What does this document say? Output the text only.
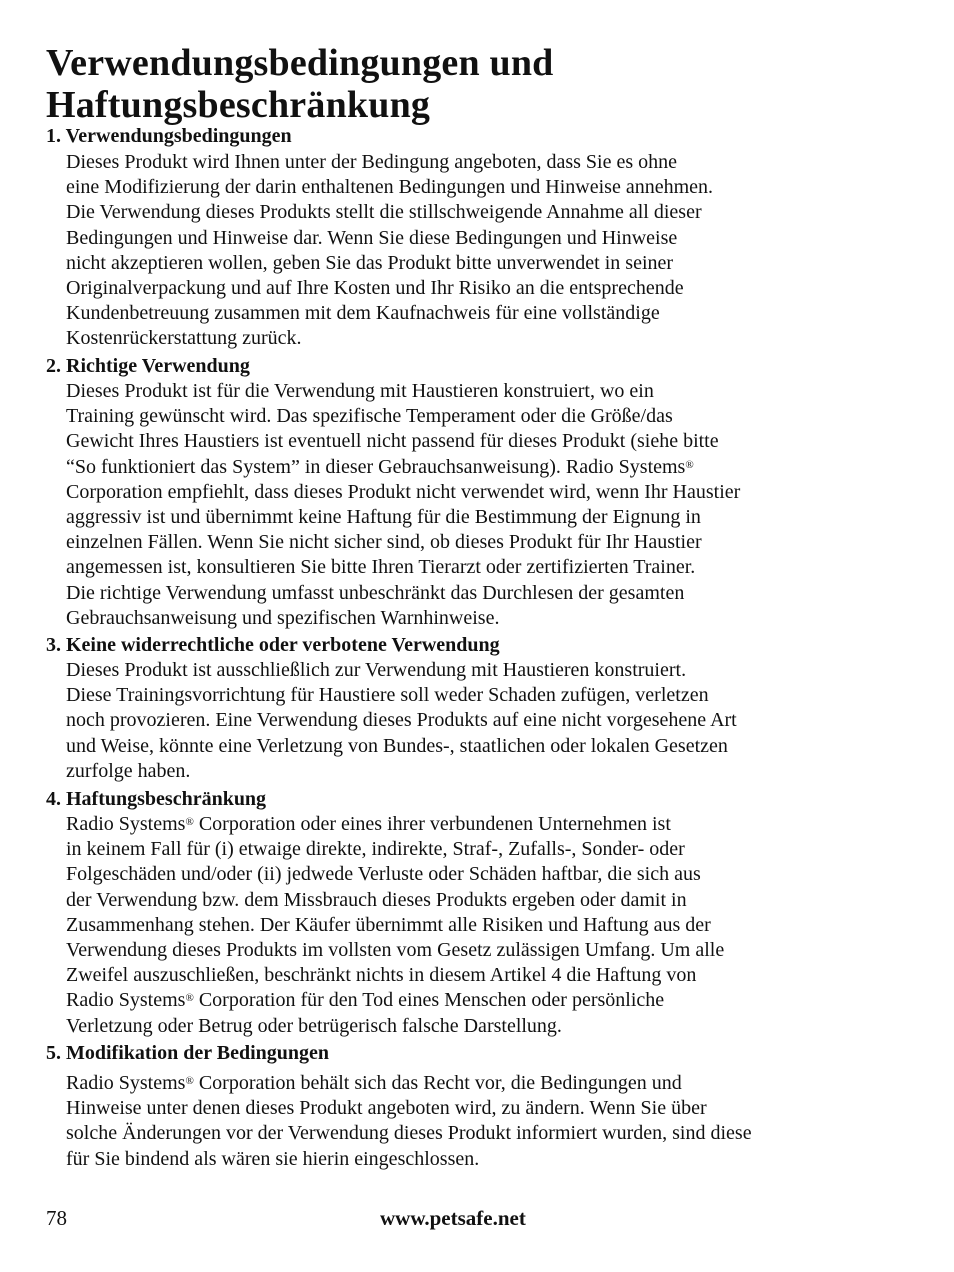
Verwendungsbedingungen und
Haftungsbeschränkung
1. Verwendungsbedingungen
Dieses Produkt wird Ihnen unter der Bedingung angeboten, dass Sie es ohne
eine Modifizierung der darin enthaltenen Bedingungen und Hinweise annehmen.
Die Verwendung dieses Produkts stellt die stillschweigende Annahme all dieser
Bedingungen und Hinweise dar. Wenn Sie diese Bedingungen und Hinweise
nicht akzeptieren wollen, geben Sie das Produkt bitte unverwendet in seiner
Originalverpackung und auf Ihre Kosten und Ihr Risiko an die entsprechende
Kundenbetreuung zusammen mit dem Kaufnachweis für eine vollständige
Kostenrückerstattung zurück.
2. Richtige Verwendung
Dieses Produkt ist für die Verwendung mit Haustieren konstruiert, wo ein
Training gewünscht wird. Das spezifische Temperament oder die Größe/das
Gewicht Ihres Haustiers ist eventuell nicht passend für dieses Produkt (siehe bitte
“So funktioniert das System” in dieser Gebrauchsanweisung). Radio Systems®
Corporation empfiehlt, dass dieses Produkt nicht verwendet wird, wenn Ihr Haustier
aggressiv ist und übernimmt keine Haftung für die Bestimmung der Eignung in
einzelnen Fällen. Wenn Sie nicht sicher sind, ob dieses Produkt für Ihr Haustier
angemessen ist, konsultieren Sie bitte Ihren Tierarzt oder zertifizierten Trainer.
Die richtige Verwendung umfasst unbeschränkt das Durchlesen der gesamten
Gebrauchsanweisung und spezifischen Warnhinweise.
3. Keine widerrechtliche oder verbotene Verwendung
Dieses Produkt ist ausschließlich zur Verwendung mit Haustieren konstruiert.
Diese Trainingsvorrichtung für Haustiere soll weder Schaden zufügen, verletzen
noch provozieren. Eine Verwendung dieses Produkts auf eine nicht vorgesehene Art
und Weise, könnte eine Verletzung von Bundes-, staatlichen oder lokalen Gesetzen
zurfolge haben.
4. Haftungsbeschränkung
Radio Systems® Corporation oder eines ihrer verbundenen Unternehmen ist
in keinem Fall für (i) etwaige direkte, indirekte, Straf-, Zufalls-, Sonder- oder
Folgeschäden und/oder (ii) jedwede Verluste oder Schäden haftbar, die sich aus
der Verwendung bzw. dem Missbrauch dieses Produkts ergeben oder damit in
Zusammenhang stehen. Der Käufer übernimmt alle Risiken und Haftung aus der
Verwendung dieses Produkts im vollsten vom Gesetz zulässigen Umfang. Um alle
Zweifel auszuschließen, beschränkt nichts in diesem Artikel 4 die Haftung von
Radio Systems® Corporation für den Tod eines Menschen oder persönliche
Verletzung oder Betrug oder betrügerisch falsche Darstellung.
5. Modifikation der Bedingungen
Radio Systems® Corporation behält sich das Recht vor, die Bedingungen und
Hinweise unter denen dieses Produkt angeboten wird, zu ändern. Wenn Sie über
solche Änderungen vor der Verwendung dieses Produkt informiert wurden, sind diese
für Sie bindend als wären sie hierin eingeschlossen.
78	www.petsafe.net
